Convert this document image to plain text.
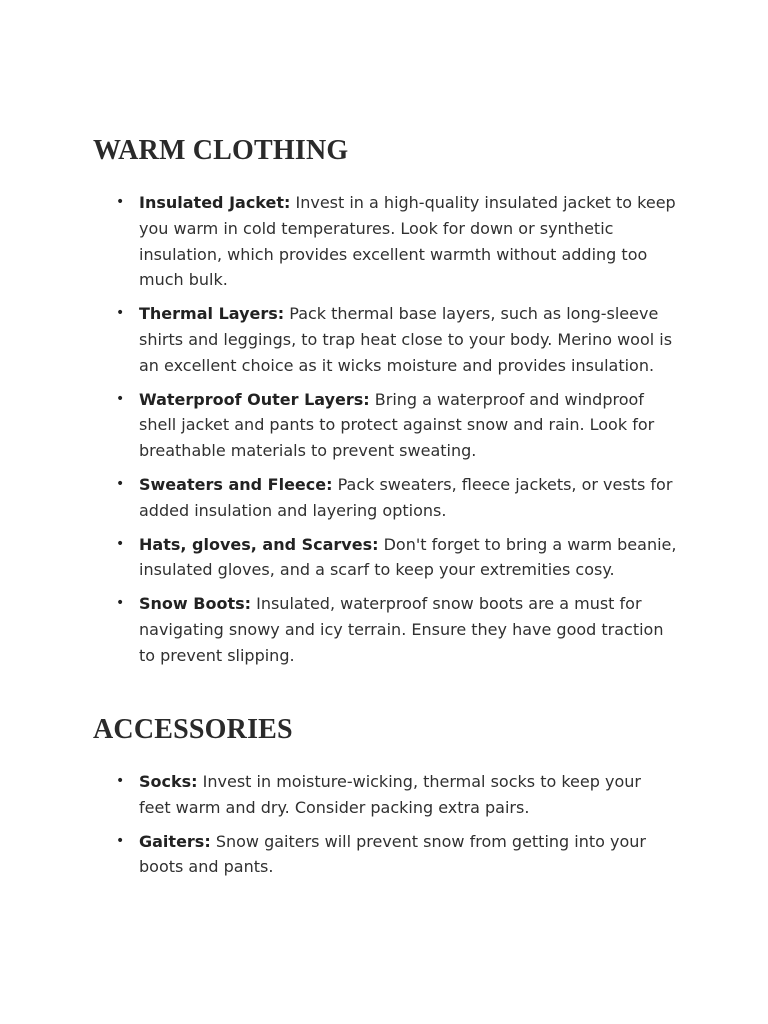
WARM CLOTHING
• Insulated Jacket: Invest in a high-quality insulated jacket to keep you warm in cold temperatures. Look for down or synthetic insulation, which provides excellent warmth without adding too much bulk.
• Thermal Layers: Pack thermal base layers, such as long-sleeve shirts and leggings, to trap heat close to your body. Merino wool is an excellent choice as it wicks moisture and provides insulation.
• Waterproof Outer Layers: Bring a waterproof and windproof shell jacket and pants to protect against snow and rain. Look for breathable materials to prevent sweating.
• Sweaters and Fleece: Pack sweaters, fleece jackets, or vests for added insulation and layering options.
• Hats, gloves, and Scarves: Don't forget to bring a warm beanie, insulated gloves, and a scarf to keep your extremities cosy.
• Snow Boots: Insulated, waterproof snow boots are a must for navigating snowy and icy terrain. Ensure they have good traction to prevent slipping.
ACCESSORIES
• Socks: Invest in moisture-wicking, thermal socks to keep your feet warm and dry. Consider packing extra pairs.
• Gaiters: Snow gaiters will prevent snow from getting into your boots and pants.
